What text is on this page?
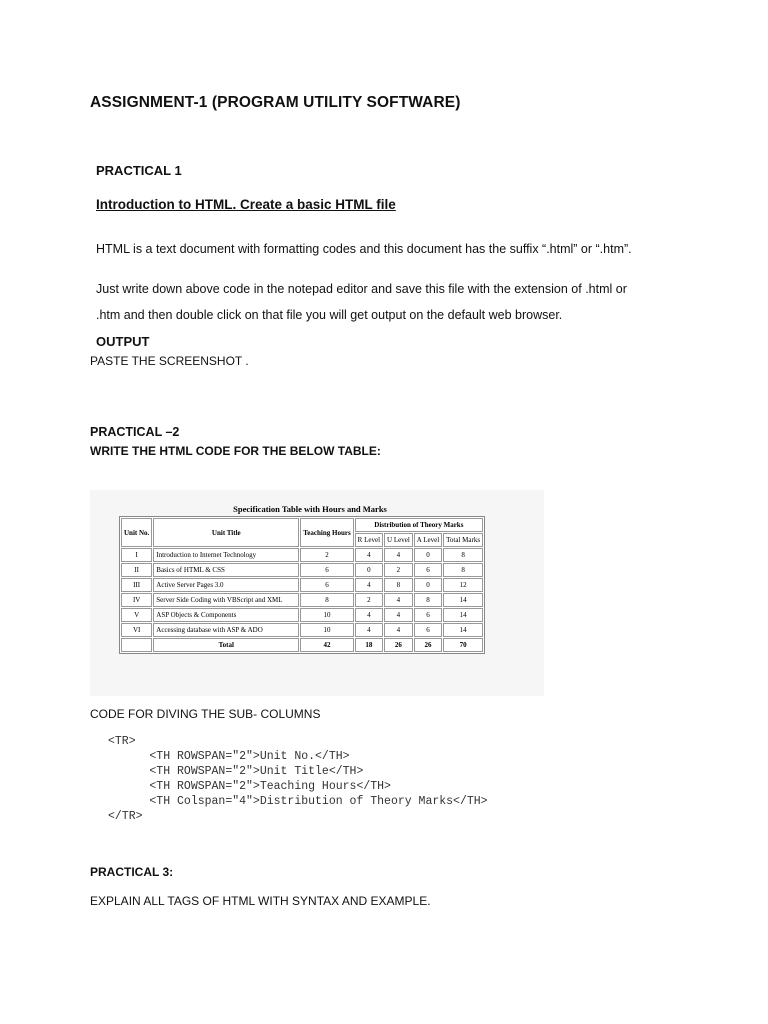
ASSIGNMENT-1 (PROGRAM UTILITY SOFTWARE)
PRACTICAL 1
Introduction to HTML. Create a basic HTML file
HTML is a text document with formatting codes and this document has the suffix “.html” or “.htm”.
Just write down above code in the notepad editor and save this file with the extension of .html or
.htm and then double click on that file you will get output on the default web browser.
OUTPUT
PASTE THE SCREENSHOT .
PRACTICAL –2
WRITE THE HTML CODE FOR THE BELOW TABLE:
Specification Table with Hours and Marks
Unit No.	Unit Title	Teaching Hours	Distribution of Theory Marks			
			R Level	U Level	A Level	Total Marks
I	Introduction to Internet Technology	2	4	4	0	8
II	Basics of HTML & CSS	6	0	2	6	8
III	Active Server Pages 3.0	6	4	8	0	12
IV	Server Side Coding with VBScript and XML	8	2	4	8	14
V	ASP Objects & Components	10	4	4	6	14
VI	Accessing database with ASP & ADO	10	4	4	6	14
	Total	42	18	26	26	70
CODE FOR DIVING THE SUB- COLUMNS
<TR>
<TH ROWSPAN="2">Unit No.</TH>
<TH ROWSPAN="2">Unit Title</TH>
<TH ROWSPAN="2">Teaching Hours</TH>
<TH Colspan="4">Distribution of Theory Marks</TH>
</TR>
PRACTICAL 3:
EXPLAIN ALL TAGS OF HTML WITH SYNTAX AND EXAMPLE.
